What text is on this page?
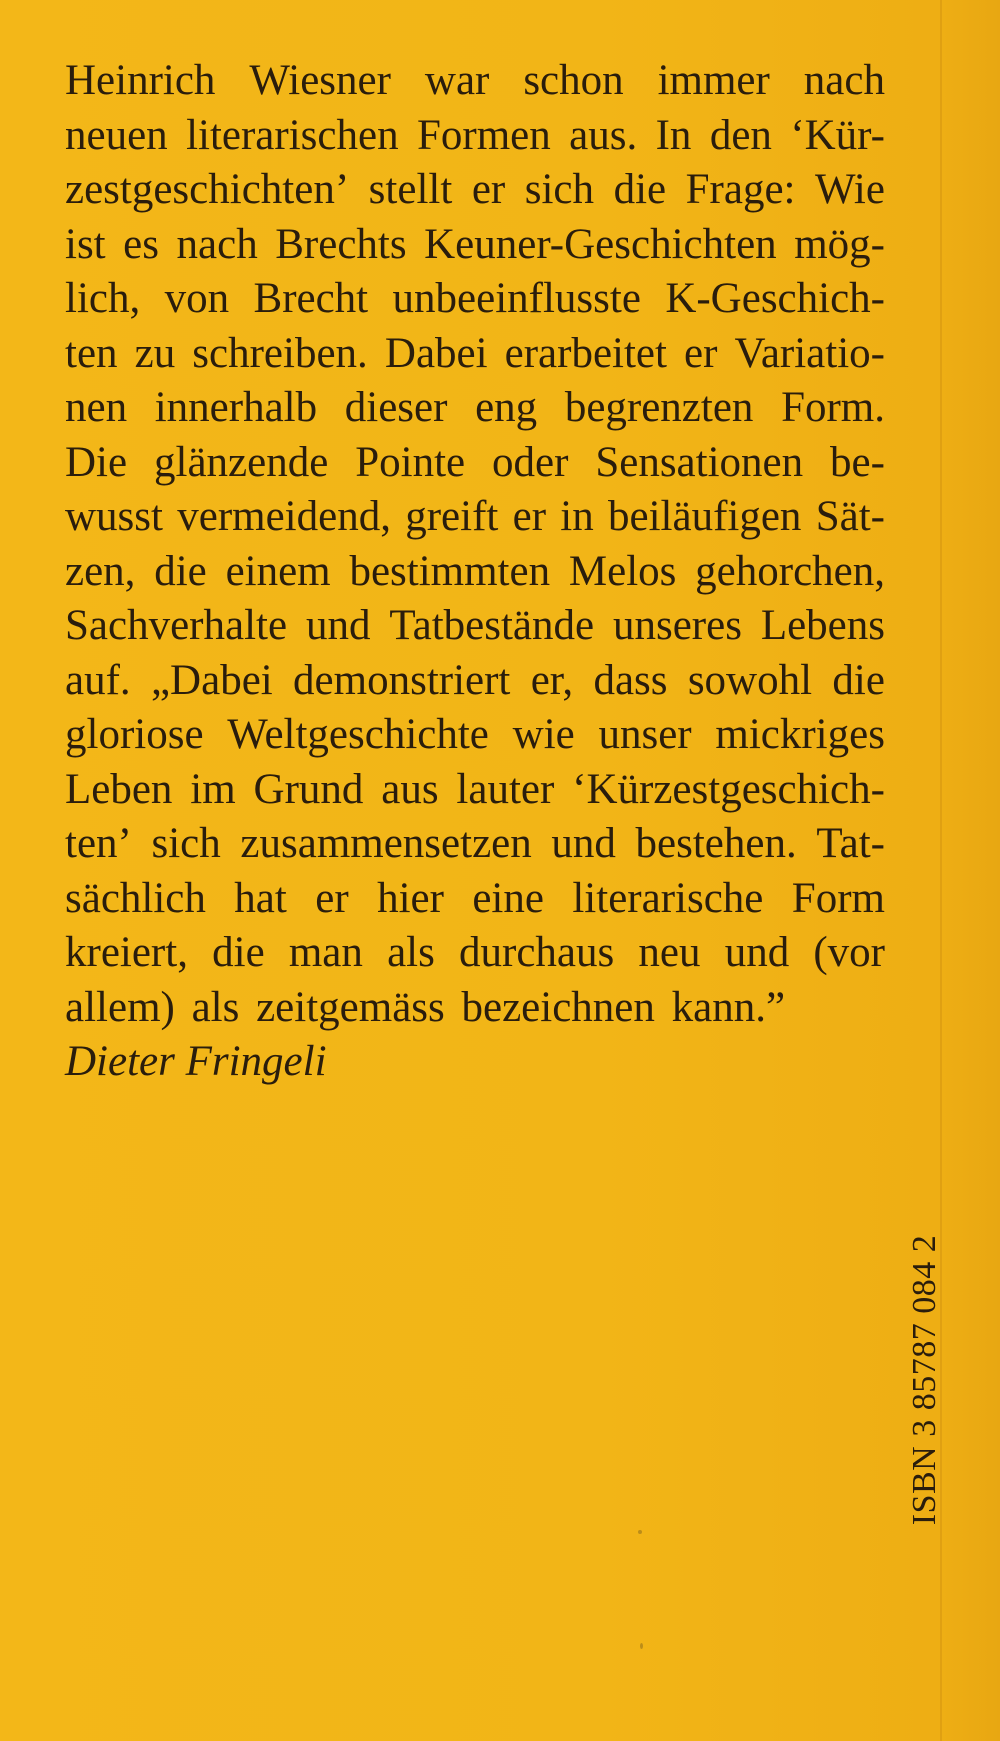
Heinrich Wiesner war schon immer nach
neuen literarischen Formen aus. In den ‘Kür-
zestgeschichten’ stellt er sich die Frage: Wie
ist es nach Brechts Keuner-Geschichten mög-
lich, von Brecht unbeeinflusste K-Geschich-
ten zu schreiben. Dabei erarbeitet er Variatio-
nen innerhalb dieser eng begrenzten Form.
Die glänzende Pointe oder Sensationen be-
wusst vermeidend, greift er in beiläufigen Sät-
zen, die einem bestimmten Melos gehorchen,
Sachverhalte und Tatbestände unseres Lebens
auf. „Dabei demonstriert er, dass sowohl die
gloriose Weltgeschichte wie unser mickriges
Leben im Grund aus lauter ‘Kürzestgeschich-
ten’ sich zusammensetzen und bestehen. Tat-
sächlich hat er hier eine literarische Form
kreiert, die man als durchaus neu und (vor
allem) als zeitgemäss bezeichnen kann.”
Dieter Fringeli
ISBN 3 85787 084 2
